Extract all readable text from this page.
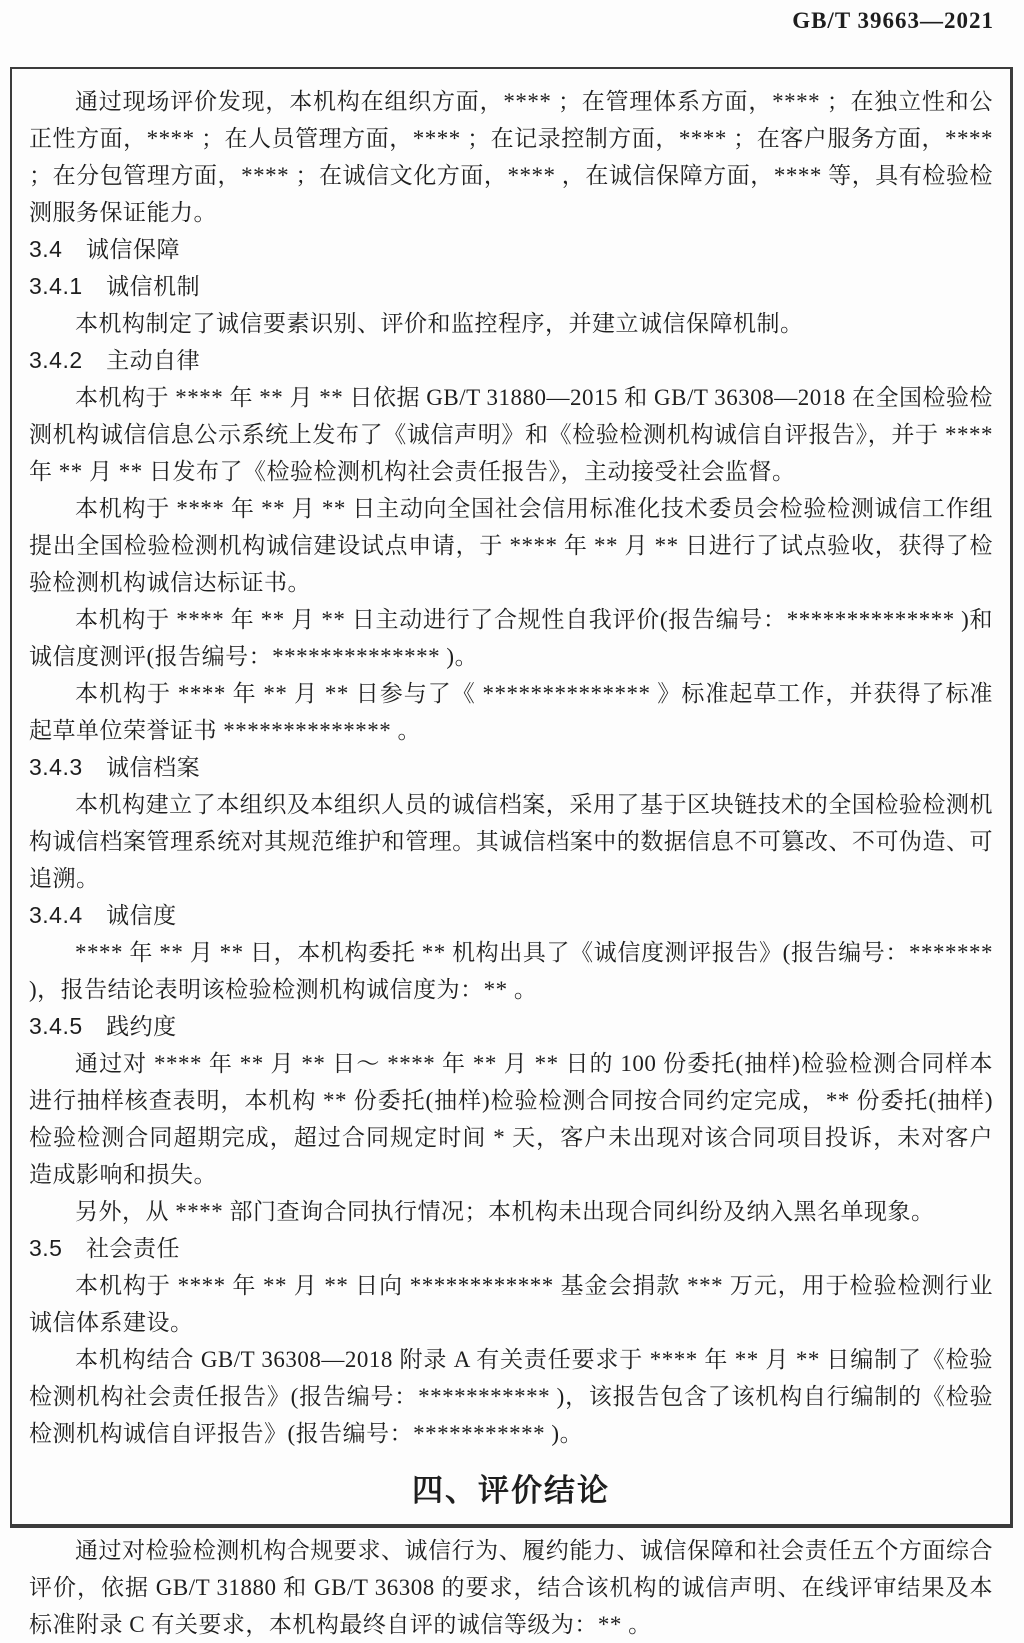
GB/T 39663—2021

通过现场评价发现，本机构在组织方面，**** ；在管理体系方面，**** ；在独立性和公正性方面，**** ；在人员管理方面，**** ；在记录控制方面，**** ；在客户服务方面，**** ；在分包管理方面，**** ；在诚信文化方面，**** ，在诚信保障方面，**** 等，具有检验检测服务保证能力。

3.4　诚信保障
3.4.1　诚信机制

本机构制定了诚信要素识别、评价和监控程序，并建立诚信保障机制。

3.4.2　主动自律

本机构于 **** 年 ** 月 ** 日依据 GB/T 31880—2015 和 GB/T 36308—2018 在全国检验检测机构诚信信息公示系统上发布了《诚信声明》和《检验检测机构诚信自评报告》，并于 **** 年 ** 月 ** 日发布了《检验检测机构社会责任报告》，主动接受社会监督。

本机构于 **** 年 ** 月 ** 日主动向全国社会信用标准化技术委员会检验检测诚信工作组提出全国检验检测机构诚信建设试点申请，于 **** 年 ** 月 ** 日进行了试点验收，获得了检验检测机构诚信达标证书。

本机构于 **** 年 ** 月 ** 日主动进行了合规性自我评价(报告编号：************** )和诚信度测评(报告编号：************** )。

本机构于 **** 年 ** 月 ** 日参与了《 ************** 》标准起草工作，并获得了标准起草单位荣誉证书 ************** 。

3.4.3　诚信档案

本机构建立了本组织及本组织人员的诚信档案，采用了基于区块链技术的全国检验检测机构诚信档案管理系统对其规范维护和管理。其诚信档案中的数据信息不可篡改、不可伪造、可追溯。

3.4.4　诚信度

**** 年 ** 月 ** 日，本机构委托 ** 机构出具了《诚信度测评报告》(报告编号：******* )，报告结论表明该检验检测机构诚信度为：** 。

3.4.5　践约度

通过对 **** 年 ** 月 ** 日～ **** 年 ** 月 ** 日的 100 份委托(抽样)检验检测合同样本进行抽样核查表明，本机构 ** 份委托(抽样)检验检测合同按合同约定完成，** 份委托(抽样)检验检测合同超期完成，超过合同规定时间 * 天，客户未出现对该合同项目投诉，未对客户造成影响和损失。

另外，从 **** 部门查询合同执行情况；本机构未出现合同纠纷及纳入黑名单现象。

3.5　社会责任

本机构于 **** 年 ** 月 ** 日向 ************ 基金会捐款 *** 万元，用于检验检测行业诚信体系建设。

本机构结合 GB/T 36308—2018 附录 A 有关责任要求于 **** 年 ** 月 ** 日编制了《检验检测机构社会责任报告》(报告编号：*********** )，该报告包含了该机构自行编制的《检验检测机构诚信自评报告》(报告编号：*********** )。

四、评价结论

通过对检验检测机构合规要求、诚信行为、履约能力、诚信保障和社会责任五个方面综合评价，依据 GB/T 31880 和 GB/T 36308 的要求，结合该机构的诚信声明、在线评审结果及本标准附录 C 有关要求，本机构最终自评的诚信等级为：** 。
